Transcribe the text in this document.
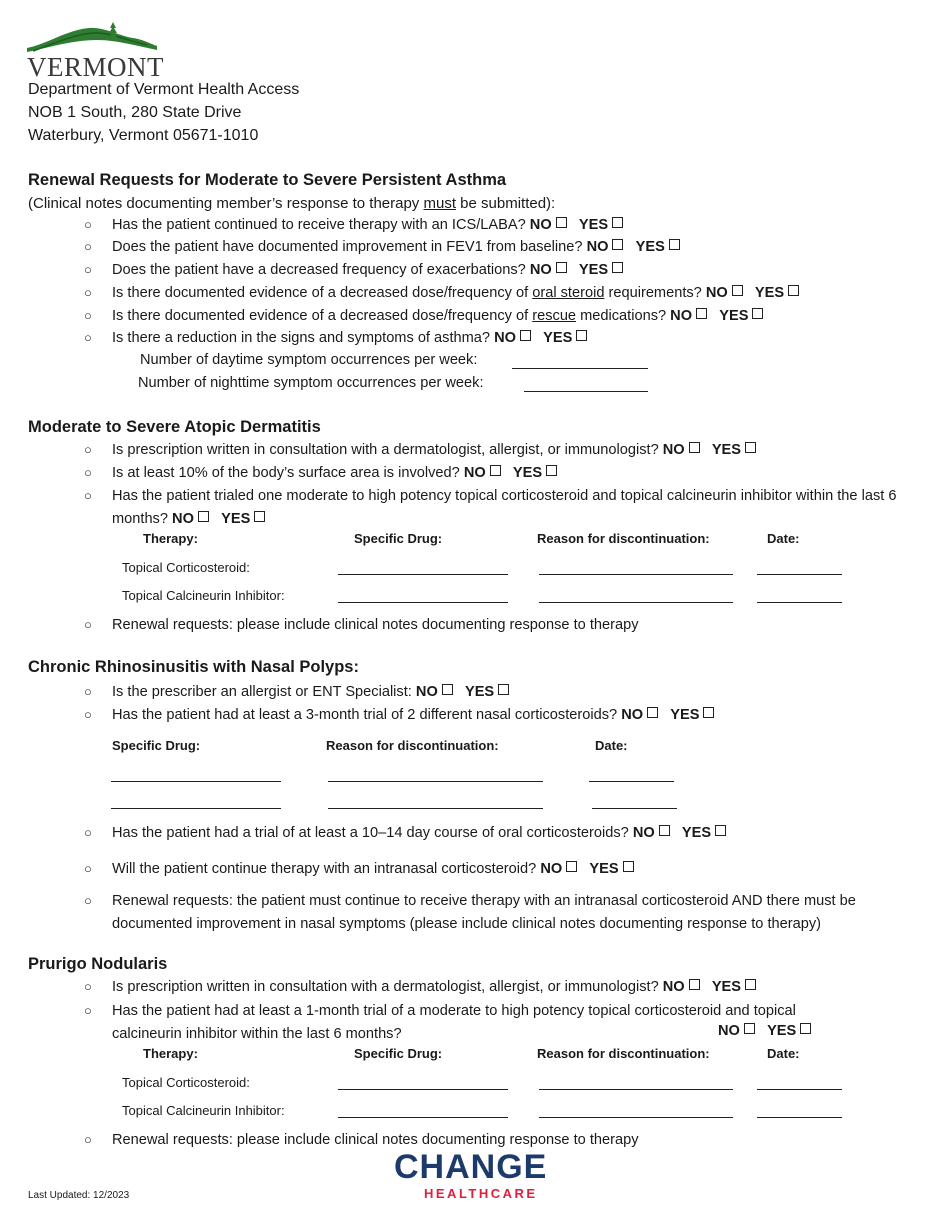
VERMONT
Department of Vermont Health Access
NOB 1 South, 280 State Drive
Waterbury, Vermont 05671-1010
Renewal Requests for Moderate to Severe Persistent Asthma
(Clinical notes documenting member’s response to therapy must be submitted):
○ Has the patient continued to receive therapy with an ICS/LABA? NO YES
○ Does the patient have documented improvement in FEV1 from baseline? NO YES
○ Does the patient have a decreased frequency of exacerbations? NO YES
○ Is there documented evidence of a decreased dose/frequency of oral steroid requirements? NO YES
○ Is there documented evidence of a decreased dose/frequency of rescue medications? NO YES
○ Is there a reduction in the signs and symptoms of asthma? NO YES
Number of daytime symptom occurrences per week:
Number of nighttime symptom occurrences per week:
Moderate to Severe Atopic Dermatitis
○ Is prescription written in consultation with a dermatologist, allergist, or immunologist? NO YES
○ Is at least 10% of the body’s surface area is involved? NO YES
○ Has the patient trialed one moderate to high potency topical corticosteroid and topical calcineurin inhibitor within the last 6 months? NO YES
Therapy:	Specific Drug:	Reason for discontinuation:	Date:
Topical Corticosteroid:
Topical Calcineurin Inhibitor:
○ Renewal requests: please include clinical notes documenting response to therapy
Chronic Rhinosinusitis with Nasal Polyps:
○ Is the prescriber an allergist or ENT Specialist: NO YES
○ Has the patient had at least a 3-month trial of 2 different nasal corticosteroids? NO YES
Specific Drug:	Reason for discontinuation:	Date:
○ Has the patient had a trial of at least a 10–14 day course of oral corticosteroids? NO YES
○ Will the patient continue therapy with an intranasal corticosteroid? NO YES
○ Renewal requests: the patient must continue to receive therapy with an intranasal corticosteroid AND there must be documented improvement in nasal symptoms (please include clinical notes documenting response to therapy)
Prurigo Nodularis
○ Is prescription written in consultation with a dermatologist, allergist, or immunologist? NO YES
○ Has the patient had at least a 1-month trial of a moderate to high potency topical corticosteroid and topical calcineurin inhibitor within the last 6 months?	NO YES
Therapy:	Specific Drug:	Reason for discontinuation:	Date:
Topical Corticosteroid:
Topical Calcineurin Inhibitor:
○ Renewal requests: please include clinical notes documenting response to therapy
CHANGE
HEALTHCARE
Last Updated: 12/2023
